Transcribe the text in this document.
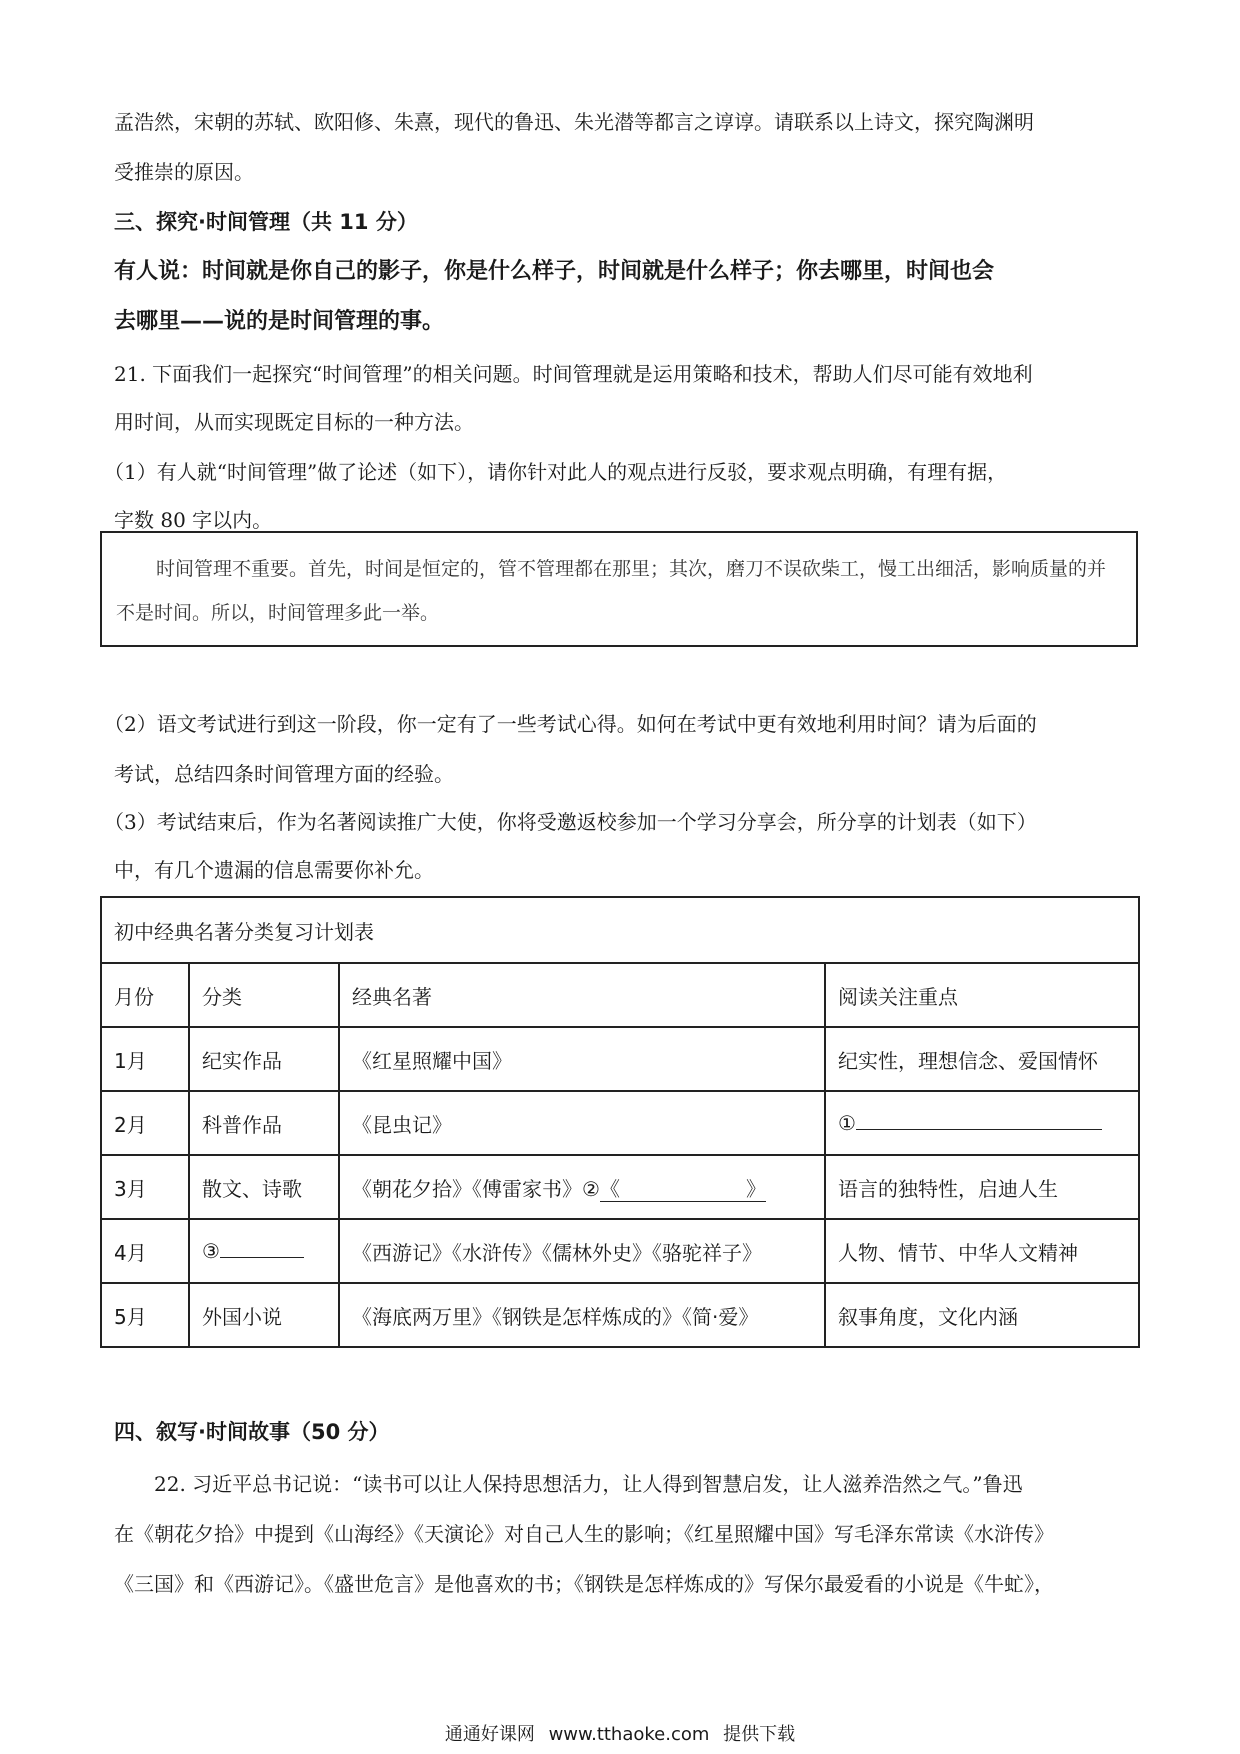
孟浩然，宋朝的苏轼、欧阳修、朱熹，现代的鲁迅、朱光潜等都言之谆谆。请联系以上诗文，探究陶渊明

受推崇的原因。

三、探究·时间管理（共 11 分）

有人说：时间就是你自己的影子，你是什么样子，时间就是什么样子；你去哪里，时间也会

去哪里——说的是时间管理的事。

21. 下面我们一起探究“时间管理”的相关问题。时间管理就是运用策略和技术，帮助人们尽可能有效地利

用时间，从而实现既定目标的一种方法。

（1）有人就“时间管理”做了论述（如下），请你针对此人的观点进行反驳，要求观点明确，有理有据，

字数 80 字以内。

时间管理不重要。首先，时间是恒定的，管不管理都在那里；其次，磨刀不误砍柴工，慢工出细活，影响质量的并不是时间。所以，时间管理多此一举。

（2）语文考试进行到这一阶段，你一定有了一些考试心得。如何在考试中更有效地利用时间？请为后面的

考试，总结四条时间管理方面的经验。

（3）考试结束后，作为名著阅读推广大使，你将受邀返校参加一个学习分享会，所分享的计划表（如下）

中，有几个遗漏的信息需要你补允。

初中经典名著分类复习计划表			
月份	分类	经典名著	阅读关注重点
1月	纪实作品	《红星照耀中国》	纪实性，理想信念、爱国情怀
2月	科普作品	《昆虫记》	①
3月	散文、诗歌	《朝花夕拾》《傅雷家书》②《 》	语言的独特性，启迪人生
4月	③	《西游记》《水浒传》《儒林外史》《骆驼祥子》	人物、情节、中华人文精神
5月	外国小说	《海底两万里》《钢铁是怎样炼成的》《简·爱》	叙事角度，文化内涵

四、叙写·时间故事（50 分）

22. 习近平总书记说：“读书可以让人保持思想活力，让人得到智慧启发，让人滋养浩然之气。”鲁迅

在《朝花夕拾》中提到《山海经》《天演论》对自己人生的影响；《红星照耀中国》写毛泽东常读《水浒传》

《三国》和《西游记》。《盛世危言》是他喜欢的书；《钢铁是怎样炼成的》写保尔最爱看的小说是《牛虻》，

通通好课网 www.tthaoke.com 提供下载
